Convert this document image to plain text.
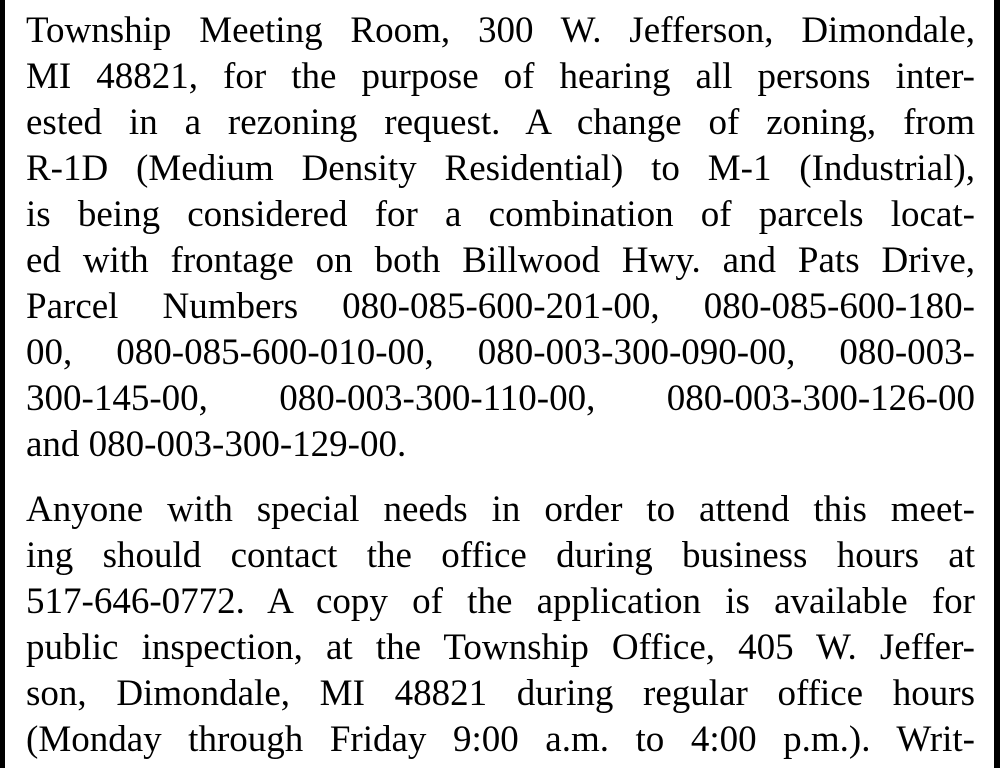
Township Meeting Room, 300 W. Jefferson, Dimondale,
MI 48821, for the purpose of hearing all persons inter-
ested in a rezoning request. A change of zoning, from
R-1D (Medium Density Residential) to M-1 (Industrial),
is being considered for a combination of parcels locat-
ed with frontage on both Billwood Hwy. and Pats Drive,
Parcel Numbers 080-085-600-201-00, 080-085-600-180-
00, 080-085-600-010-00, 080-003-300-090-00, 080-003-
300-145-00, 080-003-300-110-00, 080-003-300-126-00
and 080-003-300-129-00.
Anyone with special needs in order to attend this meet-
ing should contact the office during business hours at
517-646-0772. A copy of the application is available for
public inspection, at the Township Office, 405 W. Jeffer-
son, Dimondale, MI 48821 during regular office hours
(Monday through Friday 9:00 a.m. to 4:00 p.m.). Writ-
